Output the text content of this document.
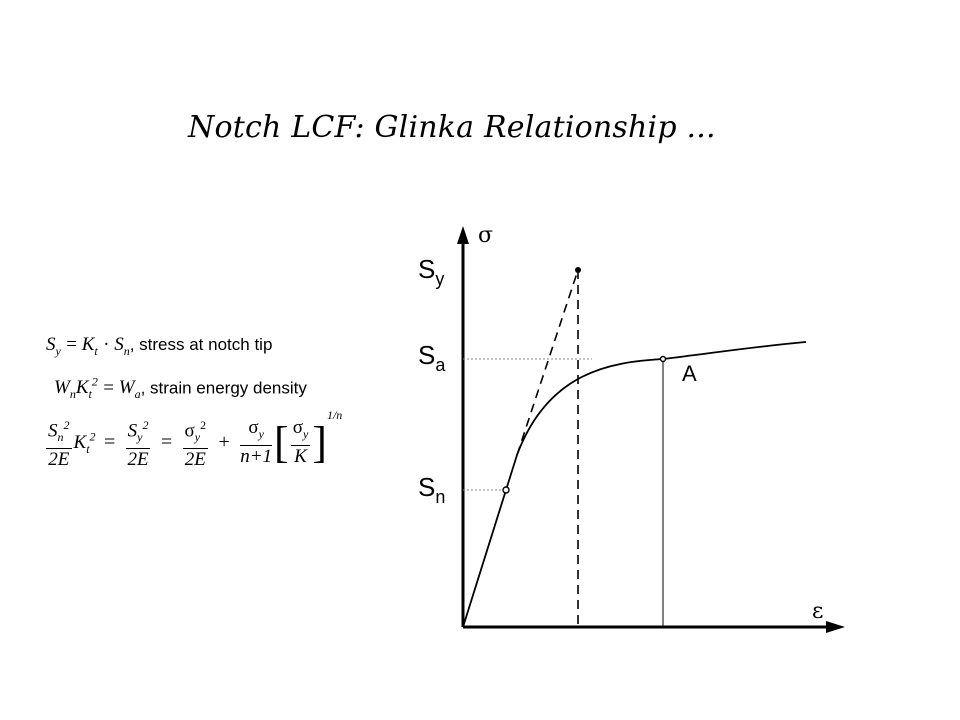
Notch LCF: Glinka Relationship ...
$S_y = K_t \cdot S_n$, stress at notch tip
$W_nK_t^2 = W_a$, strain energy density
$\frac{S_n^2}{2E} K_t^2 = \frac{S_y^2}{2E} = \frac{\sigma_y^2}{2E} + \frac{\sigma_y}{n+1}$ [ $\frac{\sigma_y}{K} ]1/n$
σ
ε
$S_y$
$S_a$
$S_n$
A
